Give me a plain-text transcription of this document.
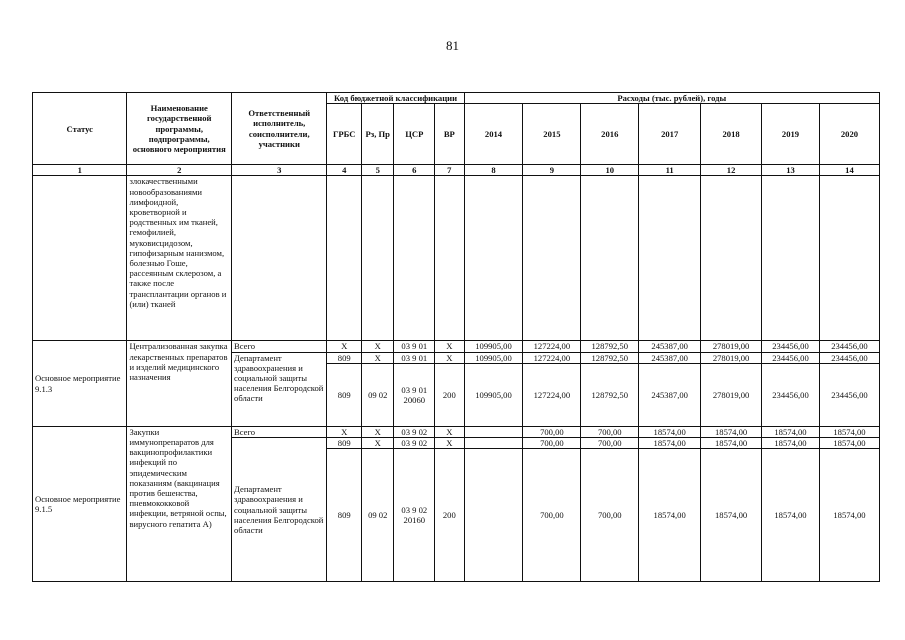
81
Статус	Наименование государственной программы, подпрограммы, основного мероприятия	Ответственный исполнитель, соисполнители, участники	Код бюджетной классификации				Расходы (тыс. рублей), годы						
			ГРБС	Рз, Пр	ЦСР	ВР	2014	2015	2016	2017	2018	2019	2020
1	2	3	4	5	6	7	8	9	10	11	12	13	14
	злокачественными новообразованиями лимфоидной, кроветворной и родственных им тканей, гемофилией, муковисцидозом, гипофизарным нанизмом, болезнью Гоше, рассеянным склерозом, а также после трансплантации органов и (или) тканей												
Основное мероприятие 9.1.3	Централизованная закупка лекарственных препаратов и изделий медицинского назначения	Всего	X	X	03 9 01	X	109905,00	127224,00	128792,50	245387,00	278019,00	234456,00	234456,00
		Департамент здравоохранения и социальной защиты населения Белгородской области	809	X	03 9 01	X	109905,00	127224,00	128792,50	245387,00	278019,00	234456,00	234456,00
			809	09 02	03 9 01 20060	200	109905,00	127224,00	128792,50	245387,00	278019,00	234456,00	234456,00
Основное мероприятие 9.1.5	Закупки иммунопрепаратов для вакцинопрофилактики инфекций по эпидемическим показаниям (вакцинация против бешенства, пневмококковой инфекции, ветряной оспы, вирусного гепатита А)	Всего	X	X	03 9 02	X		700,00	700,00	18574,00	18574,00	18574,00	18574,00
		Департамент здравоохранения и социальной защиты населения Белгородской области	809	X	03 9 02	X		700,00	700,00	18574,00	18574,00	18574,00	18574,00
			809	09 02	03 9 02 20160	200		700,00	700,00	18574,00	18574,00	18574,00	18574,00
